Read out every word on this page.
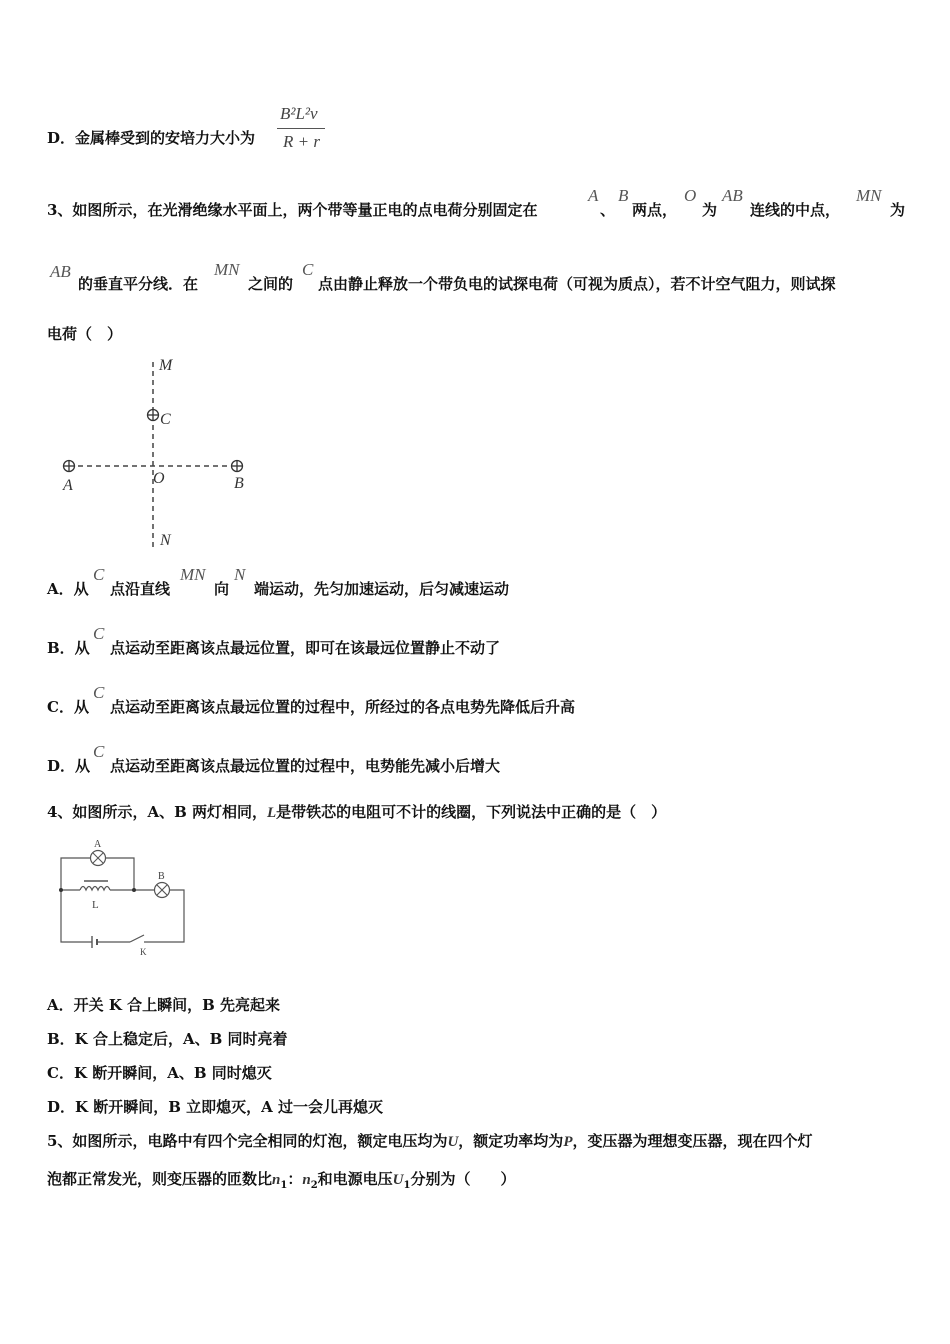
D．金属棒受到的安培力大小为
B²L²v
R + r
3、如图所示，在光滑绝缘水平面上，两个带等量正电的点电荷分别固定在
A
、
B
两点，
O
为
AB
连线的中点，
MN
为
AB
的垂直平分线．在
MN
之间的
C
点由静止释放一个带负电的试探电荷（可视为质点），若不计空气阻力，则试探
电荷（　）
M
C
A	O	B
N
A．从
C
点沿直线
MN
向
N
端运动，先匀加速运动，后匀减速运动
B．从
C
点运动至距离该点最远位置，即可在该最远位置静止不动了
C．从
C
点运动至距离该点最远位置的过程中，所经过的各点电势先降低后升高
D．从
C
点运动至距离该点最远位置的过程中，电势能先减小后增大
4、如图所示，A、B 两灯相同，L是带铁芯的电阻可不计的线圈，下列说法中正确的是（　）
A
B
L
K
A．开关 K 合上瞬间，B 先亮起来
B．K 合上稳定后，A、B 同时亮着
C．K 断开瞬间，A、B 同时熄灭
D．K 断开瞬间，B 立即熄灭，A 过一会儿再熄灭
5、如图所示，电路中有四个完全相同的灯泡，额定电压均为U，额定功率均为P，变压器为理想变压器，现在四个灯
泡都正常发光，则变压器的匝数比$n_1$：$n_2$和电源电压$U_1$分别为（　　）
